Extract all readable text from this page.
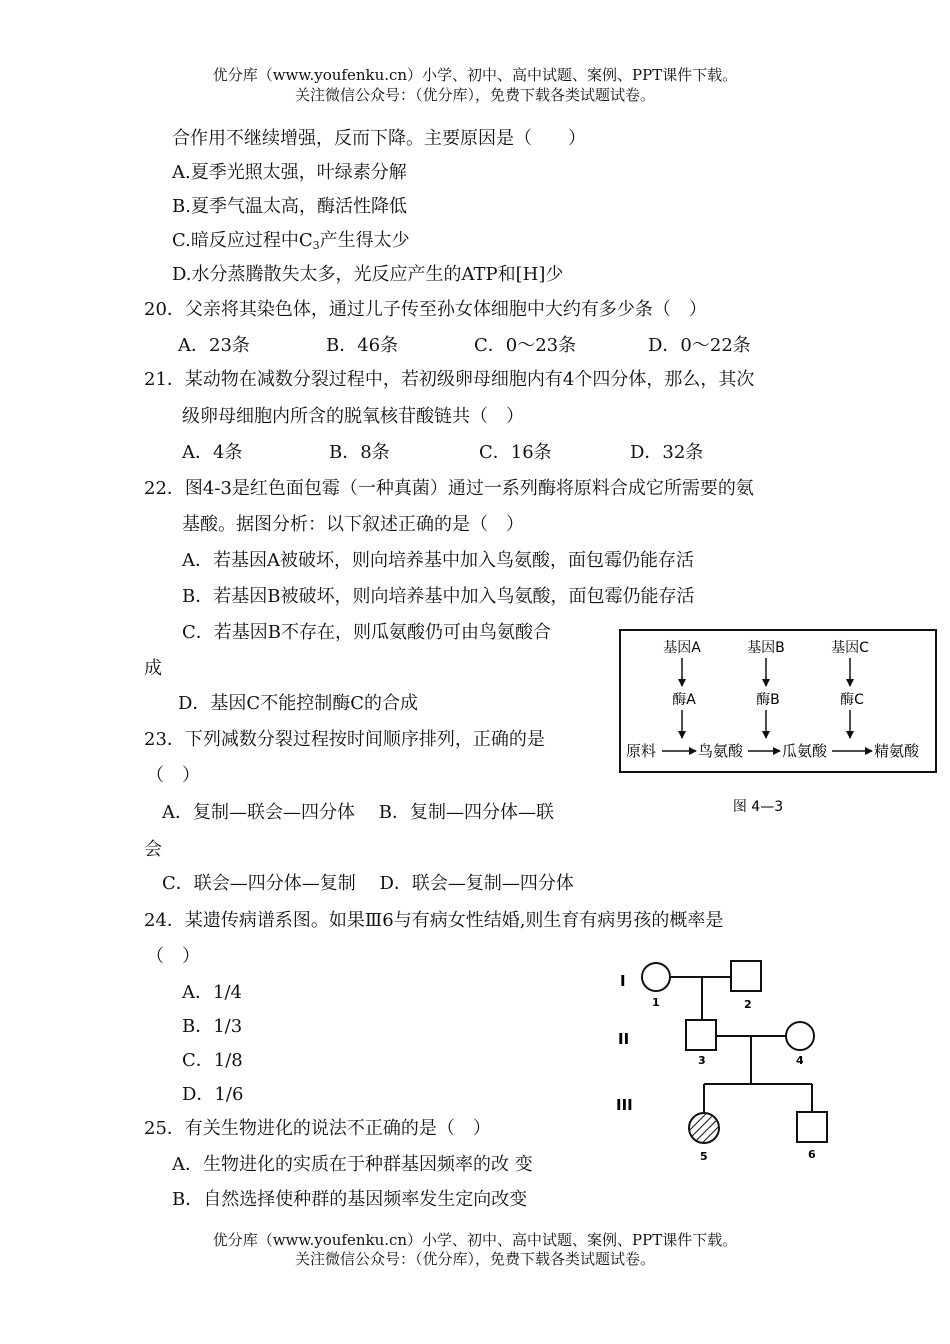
优分库（www.youfenku.cn）小学、初中、高中试题、案例、PPT课件下载。
关注微信公众号：（优分库），免费下载各类试题试卷。
合作用不继续增强，反而下降。主要原因是（　　）
A.夏季光照太强，叶绿素分解
B.夏季气温太高，酶活性降低
C.暗反应过程中$C_3$产生得太少
D.水分蒸腾散失太多，光反应产生的ATP和[H]少
20．父亲将其染色体，通过儿子传至孙女体细胞中大约有多少条（　）
A．23条	B．46条	C．0～23条	D．0～22条
21．某动物在减数分裂过程中，若初级卵母细胞内有4个四分体，那么，其次
级卵母细胞内所含的脱氧核苷酸链共（　）
A．4条	B．8条	C．16条	D．32条
22．图4-3是红色面包霉（一种真菌）通过一系列酶将原料合成它所需要的氨
基酸。据图分析：以下叙述正确的是（　）
A．若基因A被破坏，则向培养基中加入鸟氨酸，面包霉仍能存活
B．若基因B被破坏，则向培养基中加入鸟氨酸，面包霉仍能存活
C．若基因B不存在，则瓜氨酸仍可由鸟氨酸合
成
D．基因C不能控制酶C的合成
23．下列减数分裂过程按时间顺序排列，正确的是
（　）
A．复制—联会—四分体　 B．复制—四分体—联
会
C．联会—四分体—复制　 D．联会—复制—四分体
24．某遗传病谱系图。如果Ⅲ6与有病女性结婚,则生育有病男孩的概率是
（　）
A．1/4
B．1/3
C．1/8
D．1/6
25．有关生物进化的说法不正确的是（　）
A．生物进化的实质在于种群基因频率的改 变
B．自然选择使种群的基因频率发生定向改变
基因A	基因B	基因C
酶A	酶B	酶C
原料	鸟氨酸	瓜氨酸	精氨酸
图 4—3
I
II
III
1	2
3	4
5	6
优分库（www.youfenku.cn）小学、初中、高中试题、案例、PPT课件下载。
关注微信公众号：（优分库），免费下载各类试题试卷。
